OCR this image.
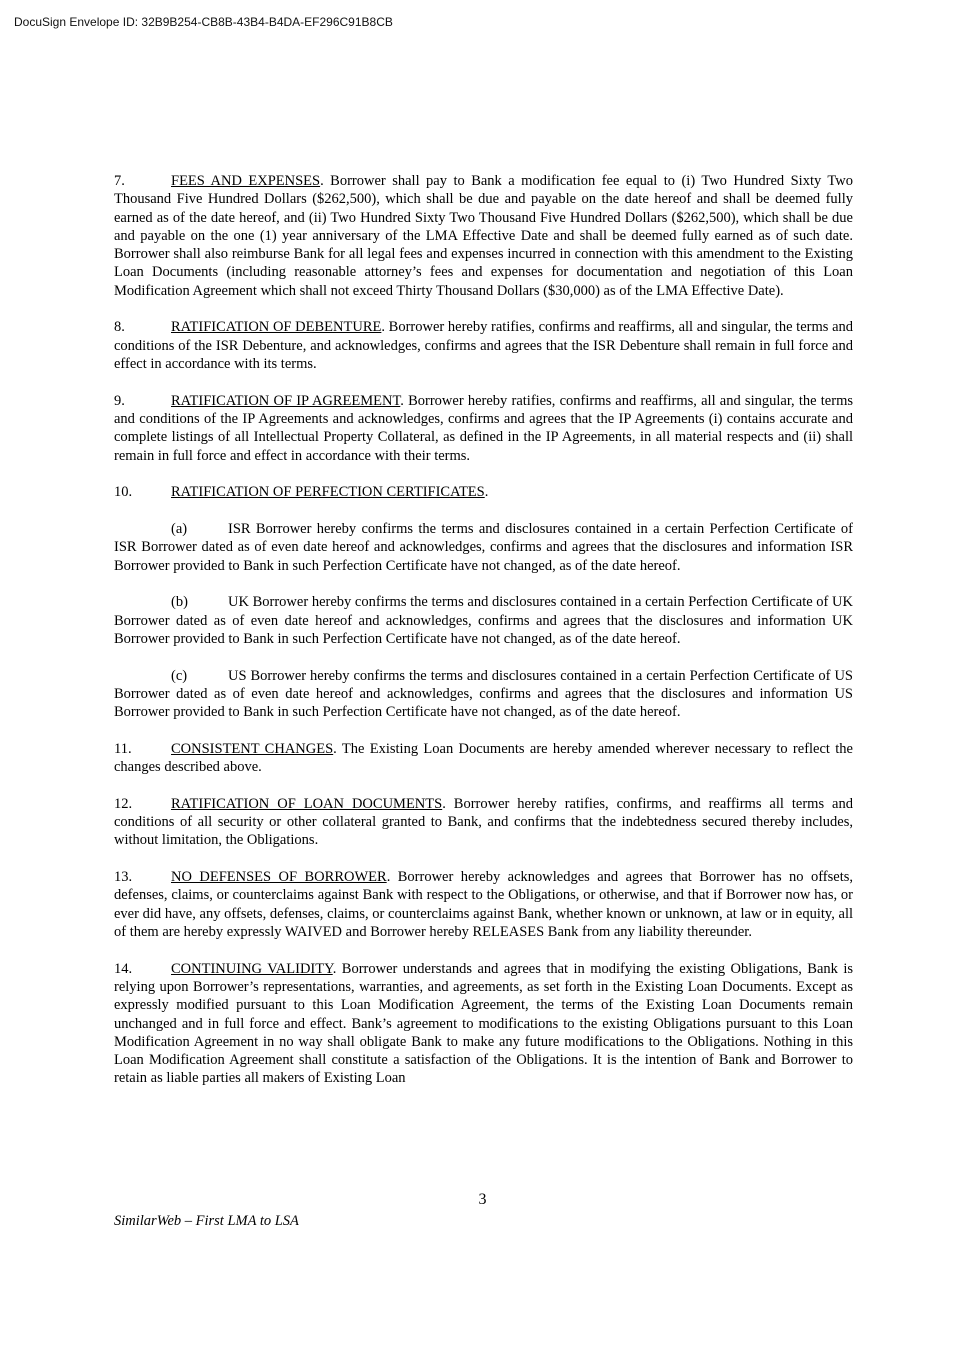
DocuSign Envelope ID: 32B9B254-CB8B-43B4-B4DA-EF296C91B8CB

7.	FEES AND EXPENSES. Borrower shall pay to Bank a modification fee equal to (i) Two Hundred Sixty Two Thousand Five Hundred Dollars ($262,500), which shall be due and payable on the date hereof and shall be deemed fully earned as of the date hereof, and (ii) Two Hundred Sixty Two Thousand Five Hundred Dollars ($262,500), which shall be due and payable on the one (1) year anniversary of the LMA Effective Date and shall be deemed fully earned as of such date. Borrower shall also reimburse Bank for all legal fees and expenses incurred in connection with this amendment to the Existing Loan Documents (including reasonable attorney’s fees and expenses for documentation and negotiation of this Loan Modification Agreement which shall not exceed Thirty Thousand Dollars ($30,000) as of the LMA Effective Date).

8.	RATIFICATION OF DEBENTURE. Borrower hereby ratifies, confirms and reaffirms, all and singular, the terms and conditions of the ISR Debenture, and acknowledges, confirms and agrees that the ISR Debenture shall remain in full force and effect in accordance with its terms.

9.	RATIFICATION OF IP AGREEMENT. Borrower hereby ratifies, confirms and reaffirms, all and singular, the terms and conditions of the IP Agreements and acknowledges, confirms and agrees that the IP Agreements (i) contains accurate and complete listings of all Intellectual Property Collateral, as defined in the IP Agreements, in all material respects and (ii) shall remain in full force and effect in accordance with their terms.

10.	RATIFICATION OF PERFECTION CERTIFICATES.

(a)	ISR Borrower hereby confirms the terms and disclosures contained in a certain Perfection Certificate of ISR Borrower dated as of even date hereof and acknowledges, confirms and agrees that the disclosures and information ISR Borrower provided to Bank in such Perfection Certificate have not changed, as of the date hereof.

(b)	UK Borrower hereby confirms the terms and disclosures contained in a certain Perfection Certificate of UK Borrower dated as of even date hereof and acknowledges, confirms and agrees that the disclosures and information UK Borrower provided to Bank in such Perfection Certificate have not changed, as of the date hereof.

(c)	US Borrower hereby confirms the terms and disclosures contained in a certain Perfection Certificate of US Borrower dated as of even date hereof and acknowledges, confirms and agrees that the disclosures and information US Borrower provided to Bank in such Perfection Certificate have not changed, as of the date hereof.

11.	CONSISTENT CHANGES. The Existing Loan Documents are hereby amended wherever necessary to reflect the changes described above.

12.	RATIFICATION OF LOAN DOCUMENTS. Borrower hereby ratifies, confirms, and reaffirms all terms and conditions of all security or other collateral granted to Bank, and confirms that the indebtedness secured thereby includes, without limitation, the Obligations.

13.	NO DEFENSES OF BORROWER. Borrower hereby acknowledges and agrees that Borrower has no offsets, defenses, claims, or counterclaims against Bank with respect to the Obligations, or otherwise, and that if Borrower now has, or ever did have, any offsets, defenses, claims, or counterclaims against Bank, whether known or unknown, at law or in equity, all of them are hereby expressly WAIVED and Borrower hereby RELEASES Bank from any liability thereunder.

14.	CONTINUING VALIDITY. Borrower understands and agrees that in modifying the existing Obligations, Bank is relying upon Borrower’s representations, warranties, and agreements, as set forth in the Existing Loan Documents. Except as expressly modified pursuant to this Loan Modification Agreement, the terms of the Existing Loan Documents remain unchanged and in full force and effect. Bank’s agreement to modifications to the existing Obligations pursuant to this Loan Modification Agreement in no way shall obligate Bank to make any future modifications to the Obligations. Nothing in this Loan Modification Agreement shall constitute a satisfaction of the Obligations. It is the intention of Bank and Borrower to retain as liable parties all makers of Existing Loan

3
SimilarWeb – First LMA to LSA
